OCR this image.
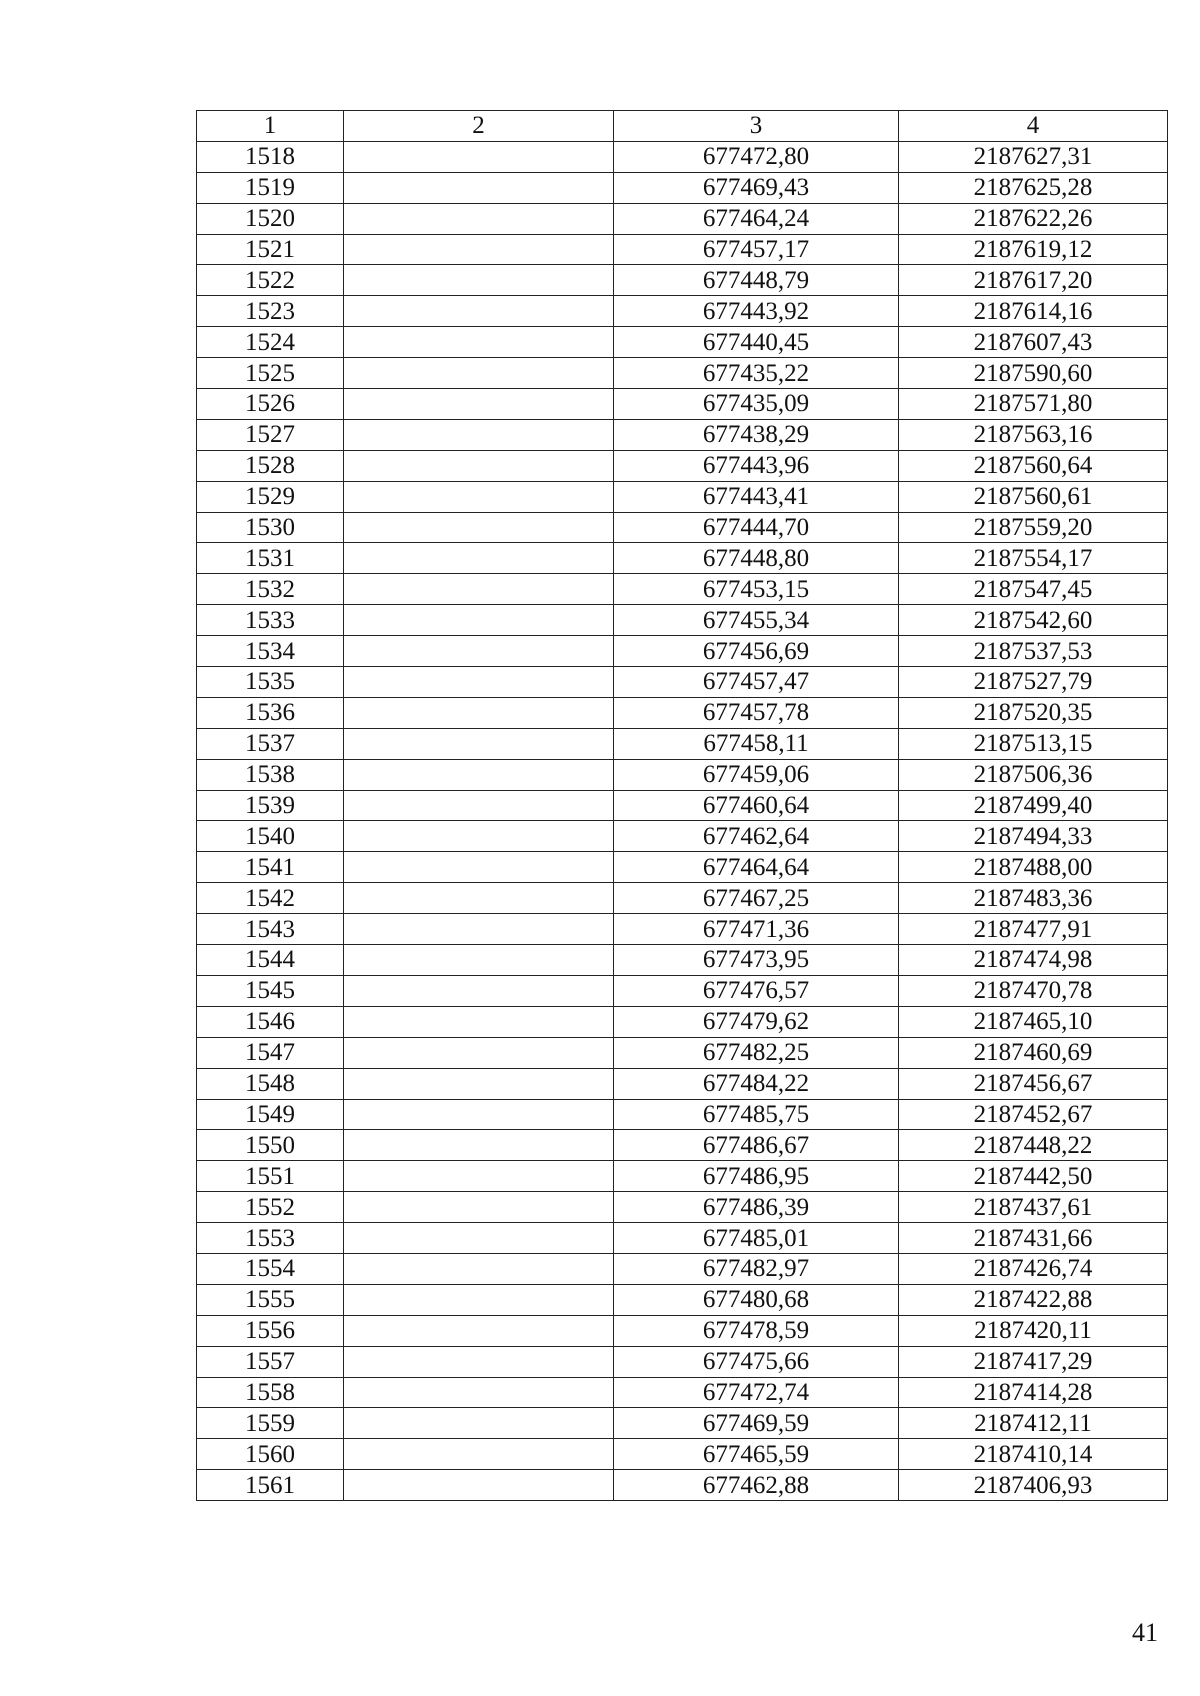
1	2	3	4
1518		677472,80	2187627,31
1519		677469,43	2187625,28
1520		677464,24	2187622,26
1521		677457,17	2187619,12
1522		677448,79	2187617,20
1523		677443,92	2187614,16
1524		677440,45	2187607,43
1525		677435,22	2187590,60
1526		677435,09	2187571,80
1527		677438,29	2187563,16
1528		677443,96	2187560,64
1529		677443,41	2187560,61
1530		677444,70	2187559,20
1531		677448,80	2187554,17
1532		677453,15	2187547,45
1533		677455,34	2187542,60
1534		677456,69	2187537,53
1535		677457,47	2187527,79
1536		677457,78	2187520,35
1537		677458,11	2187513,15
1538		677459,06	2187506,36
1539		677460,64	2187499,40
1540		677462,64	2187494,33
1541		677464,64	2187488,00
1542		677467,25	2187483,36
1543		677471,36	2187477,91
1544		677473,95	2187474,98
1545		677476,57	2187470,78
1546		677479,62	2187465,10
1547		677482,25	2187460,69
1548		677484,22	2187456,67
1549		677485,75	2187452,67
1550		677486,67	2187448,22
1551		677486,95	2187442,50
1552		677486,39	2187437,61
1553		677485,01	2187431,66
1554		677482,97	2187426,74
1555		677480,68	2187422,88
1556		677478,59	2187420,11
1557		677475,66	2187417,29
1558		677472,74	2187414,28
1559		677469,59	2187412,11
1560		677465,59	2187410,14
1561		677462,88	2187406,93
41
